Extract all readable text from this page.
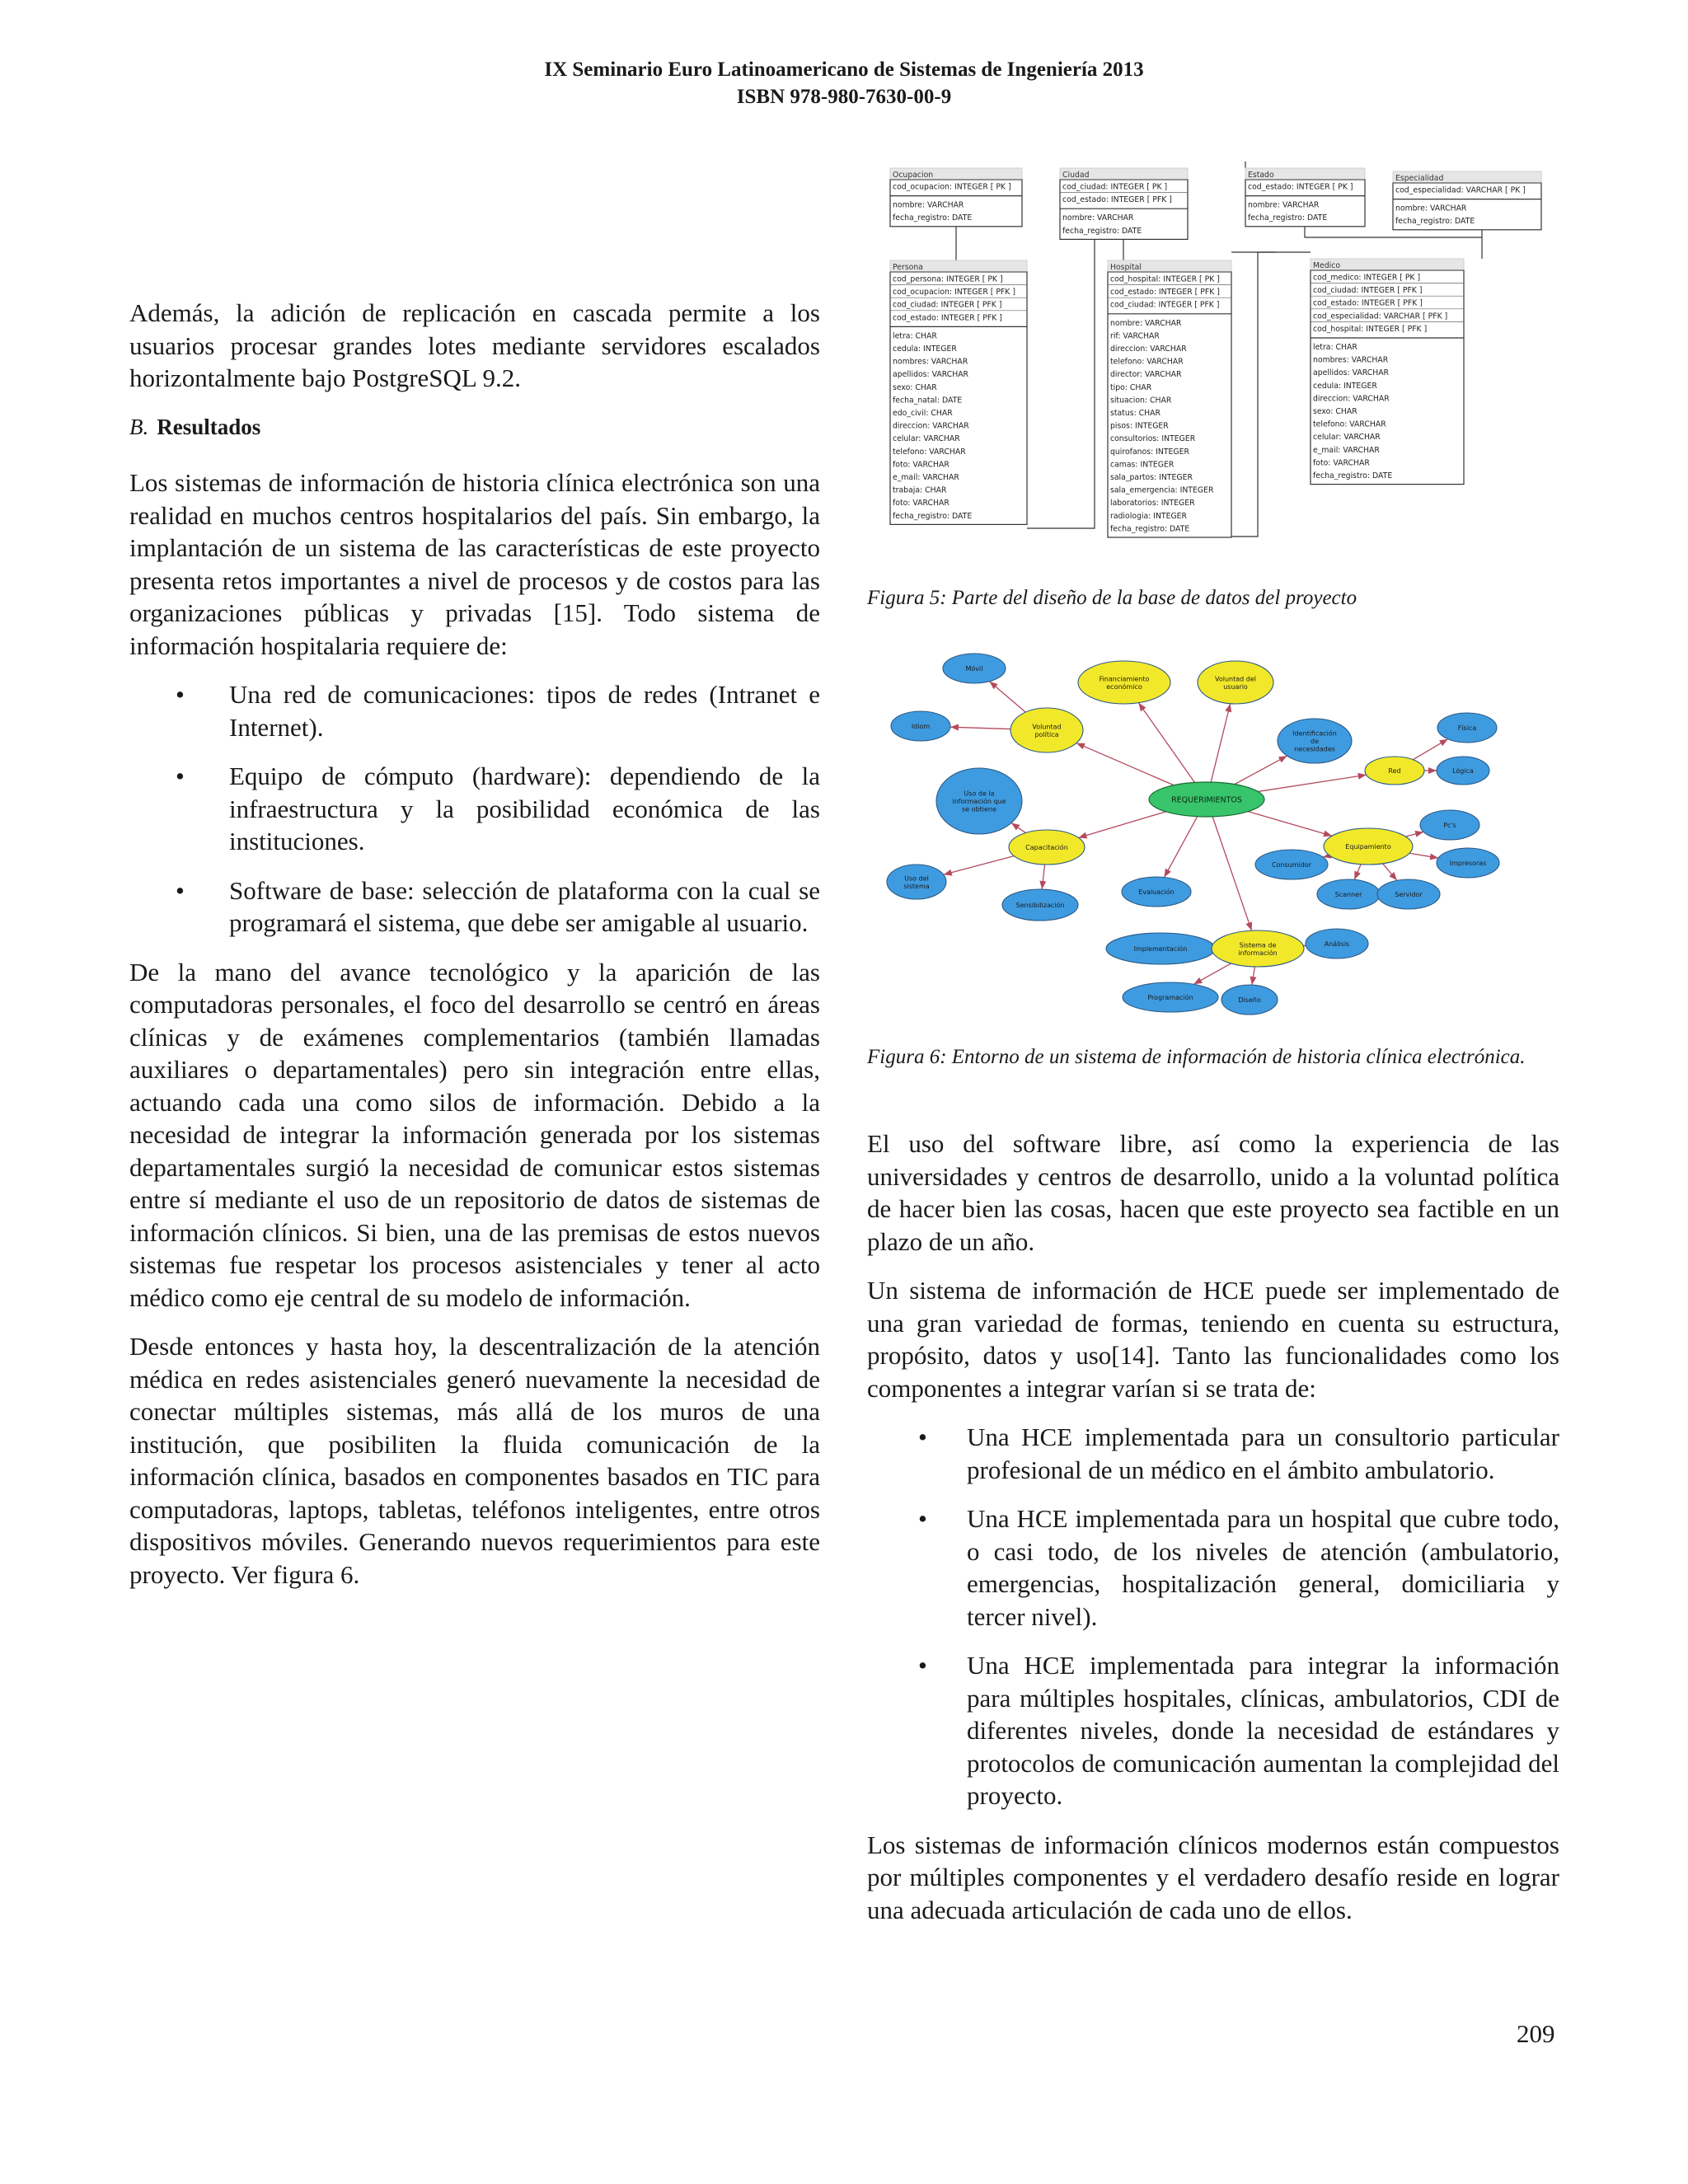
IX Seminario Euro Latinoamericano de Sistemas de Ingeniería 2013
ISBN 978-980-7630-00-9

Además, la adición de replicación en cascada permite a los usuarios procesar grandes lotes mediante servidores escalados horizontalmente bajo PostgreSQL 9.2.

B. Resultados

Los sistemas de información de historia clínica electrónica son una realidad en muchos centros hospitalarios del país. Sin embargo, la implantación de un sistema de las características de este proyecto presenta retos importantes a nivel de procesos y de costos para las organizaciones públicas y privadas [15]. Todo sistema de información hospitalaria requiere de:

• Una red de comunicaciones: tipos de redes (Intranet e Internet).
• Equipo de cómputo (hardware): dependiendo de la infraestructura y la posibilidad económica de las instituciones.
• Software de base: selección de plataforma con la cual se programará el sistema, que debe ser amigable al usuario.

De la mano del avance tecnológico y la aparición de las computadoras personales, el foco del desarrollo se centró en áreas clínicas y de exámenes complementarios (también llamadas auxiliares o departamentales) pero sin integración entre ellas, actuando cada una como silos de información. Debido a la necesidad de integrar la información generada por los sistemas departamentales surgió la necesidad de comunicar estos sistemas entre sí mediante el uso de un repositorio de datos de sistemas de información clínicos. Si bien, una de las premisas de estos nuevos sistemas fue respetar los procesos asistenciales y tener al acto médico como eje central de su modelo de información.

Desde entonces y hasta hoy, la descentralización de la atención médica en redes asistenciales generó nuevamente la necesidad de conectar múltiples sistemas, más allá de los muros de una institución, que posibiliten la fluida comunicación de la información clínica, basados en componentes basados en TIC para computadoras, laptops, tabletas, teléfonos inteligentes, entre otros dispositivos móviles. Generando nuevos requerimientos para este proyecto. Ver figura 6.

Ocupacion
cod_ocupacion: INTEGER [ PK ]
nombre: VARCHAR
fecha_registro: DATE
Ciudad
cod_ciudad: INTEGER [ PK ]
cod_estado: INTEGER [ PFK ]
nombre: VARCHAR
fecha_registro: DATE
Estado
cod_estado: INTEGER [ PK ]
nombre: VARCHAR
fecha_registro: DATE
Especialidad
cod_especialidad: VARCHAR [ PK ]
nombre: VARCHAR
fecha_registro: DATE
Persona
cod_persona: INTEGER [ PK ]
cod_ocupacion: INTEGER [ PFK ]
cod_ciudad: INTEGER [ PFK ]
cod_estado: INTEGER [ PFK ]
letra: CHAR
cedula: INTEGER
nombres: VARCHAR
apellidos: VARCHAR
sexo: CHAR
fecha_natal: DATE
edo_civil: CHAR
direccion: VARCHAR
celular: VARCHAR
telefono: VARCHAR
foto: VARCHAR
e_mail: VARCHAR
trabaja: CHAR
foto: VARCHAR
fecha_registro: DATE
Hospital
cod_hospital: INTEGER [ PK ]
cod_estado: INTEGER [ PFK ]
cod_ciudad: INTEGER [ PFK ]
nombre: VARCHAR
rif: VARCHAR
direccion: VARCHAR
telefono: VARCHAR
director: VARCHAR
tipo: CHAR
situacion: CHAR
status: CHAR
pisos: INTEGER
consultorios: INTEGER
quirofanos: INTEGER
camas: INTEGER
sala_partos: INTEGER
sala_emergencia: INTEGER
laboratorios: INTEGER
radiologia: INTEGER
fecha_registro: DATE
Medico
cod_medico: INTEGER [ PK ]
cod_ciudad: INTEGER [ PFK ]
cod_estado: INTEGER [ PFK ]
cod_especialidad: VARCHAR [ PFK ]
cod_hospital: INTEGER [ PFK ]
letra: CHAR
nombres: VARCHAR
apellidos: VARCHAR
cedula: INTEGER
direccion: VARCHAR
sexo: CHAR
telefono: VARCHAR
celular: VARCHAR
e_mail: VARCHAR
foto: VARCHAR
fecha_registro: DATE
Figura 5: Parte del diseño de la base de datos del proyecto
REQUERIMIENTOS
Móvil
Idiom	Voluntad
política
Financiamiento
económico
Voluntad del
usuario
Identificación
de
necesidades
Física
Red	Lógica
Uso de la
información que
se obtiene
Pc's
Capacitación	Equipamiento
Impresoras
Uso del
sistema
Consumidor
Scanner	Servidor
Sensibilización
Evaluación
Implementación
Sistema de
información
Análisis
Programación	Diseño
Figura 6: Entorno de un sistema de información de historia clínica electrónica.

El uso del software libre, así como la experiencia de las universidades y centros de desarrollo, unido a la voluntad política de hacer bien las cosas, hacen que este proyecto sea factible en un plazo de un año.

Un sistema de información de HCE puede ser implementado de una gran variedad de formas, teniendo en cuenta su estructura, propósito, datos y uso[14]. Tanto las funcionalidades como los componentes a integrar varían si se trata de:

• Una HCE implementada para un consultorio particular profesional de un médico en el ámbito ambulatorio.
• Una HCE implementada para un hospital que cubre todo, o casi todo, de los niveles de atención (ambulatorio, emergencias, hospitalización general, domiciliaria y tercer nivel).
• Una HCE implementada para integrar la información para múltiples hospitales, clínicas, ambulatorios, CDI de diferentes niveles, donde la necesidad de estándares y protocolos de comunicación aumentan la complejidad del proyecto.

Los sistemas de información clínicos modernos están compuestos por múltiples componentes y el verdadero desafío reside en lograr una adecuada articulación de cada uno de ellos.

209
